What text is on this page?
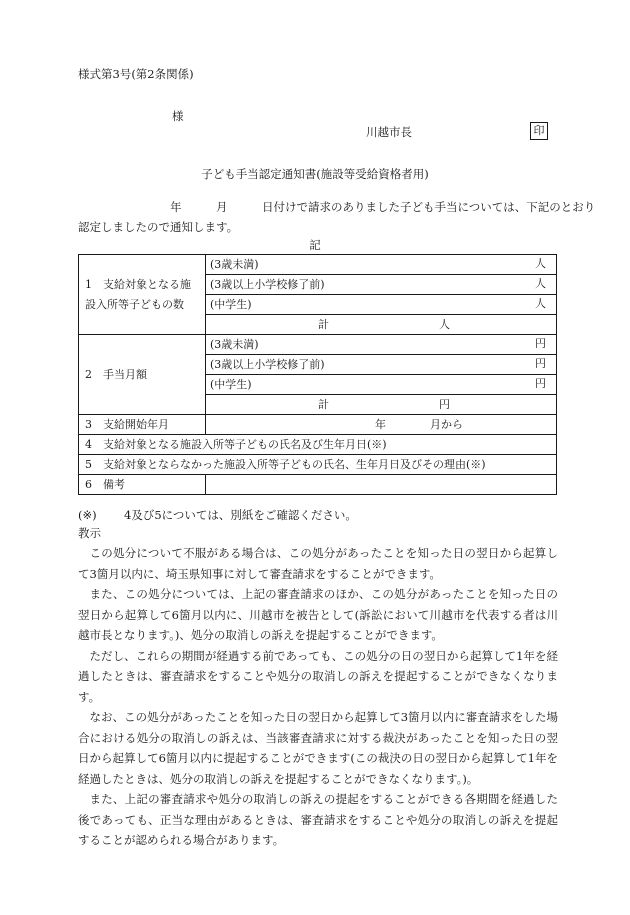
様式第3号(第2条関係)
様
川越市長	印
子ども手当認定通知書(施設等受給資格者用)
　　　　　　　　年　　　	月　　　	日付けで請求のありました子ども手当については、下記のとおり
認定しましたので通知します。
記
1　支給対象となる施設入所等子どもの数	(3歳未満) 人

	(3歳以上小学校修了前) 人

	(中学生) 人

	計 人
2　手当月額	(3歳未満) 円

	(3歳以上小学校修了前) 円

	(中学生) 円

	計 円
3　支給開始年月	年 月から
4　支給対象となる施設入所等子どもの氏名及び生年月日(※)	
5　支給対象とならなかった施設入所等子どもの氏名、生年月日及びその理由(※)	
6　備考	
(※) 4及び5については、別紙をご確認ください。
教示

この処分について不服がある場合は、この処分があったことを知った日の翌日から起算して3箇月以内に、埼玉県知事に対して審査請求をすることができます。

また、この処分については、上記の審査請求のほか、この処分があったことを知った日の翌日から起算して6箇月以内に、川越市を被告として(訴訟において川越市を代表する者は川越市長となります。)、処分の取消しの訴えを提起することができます。

ただし、これらの期間が経過する前であっても、この処分の日の翌日から起算して1年を経過したときは、審査請求をすることや処分の取消しの訴えを提起することができなくなります。

なお、この処分があったことを知った日の翌日から起算して3箇月以内に審査請求をした場合における処分の取消しの訴えは、当該審査請求に対する裁決があったことを知った日の翌日から起算して6箇月以内に提起することができます(この裁決の日の翌日から起算して1年を経過したときは、処分の取消しの訴えを提起することができなくなります。)。

また、上記の審査請求や処分の取消しの訴えの提起をすることができる各期間を経過した後であっても、正当な理由があるときは、審査請求をすることや処分の取消しの訴えを提起することが認められる場合があります。
